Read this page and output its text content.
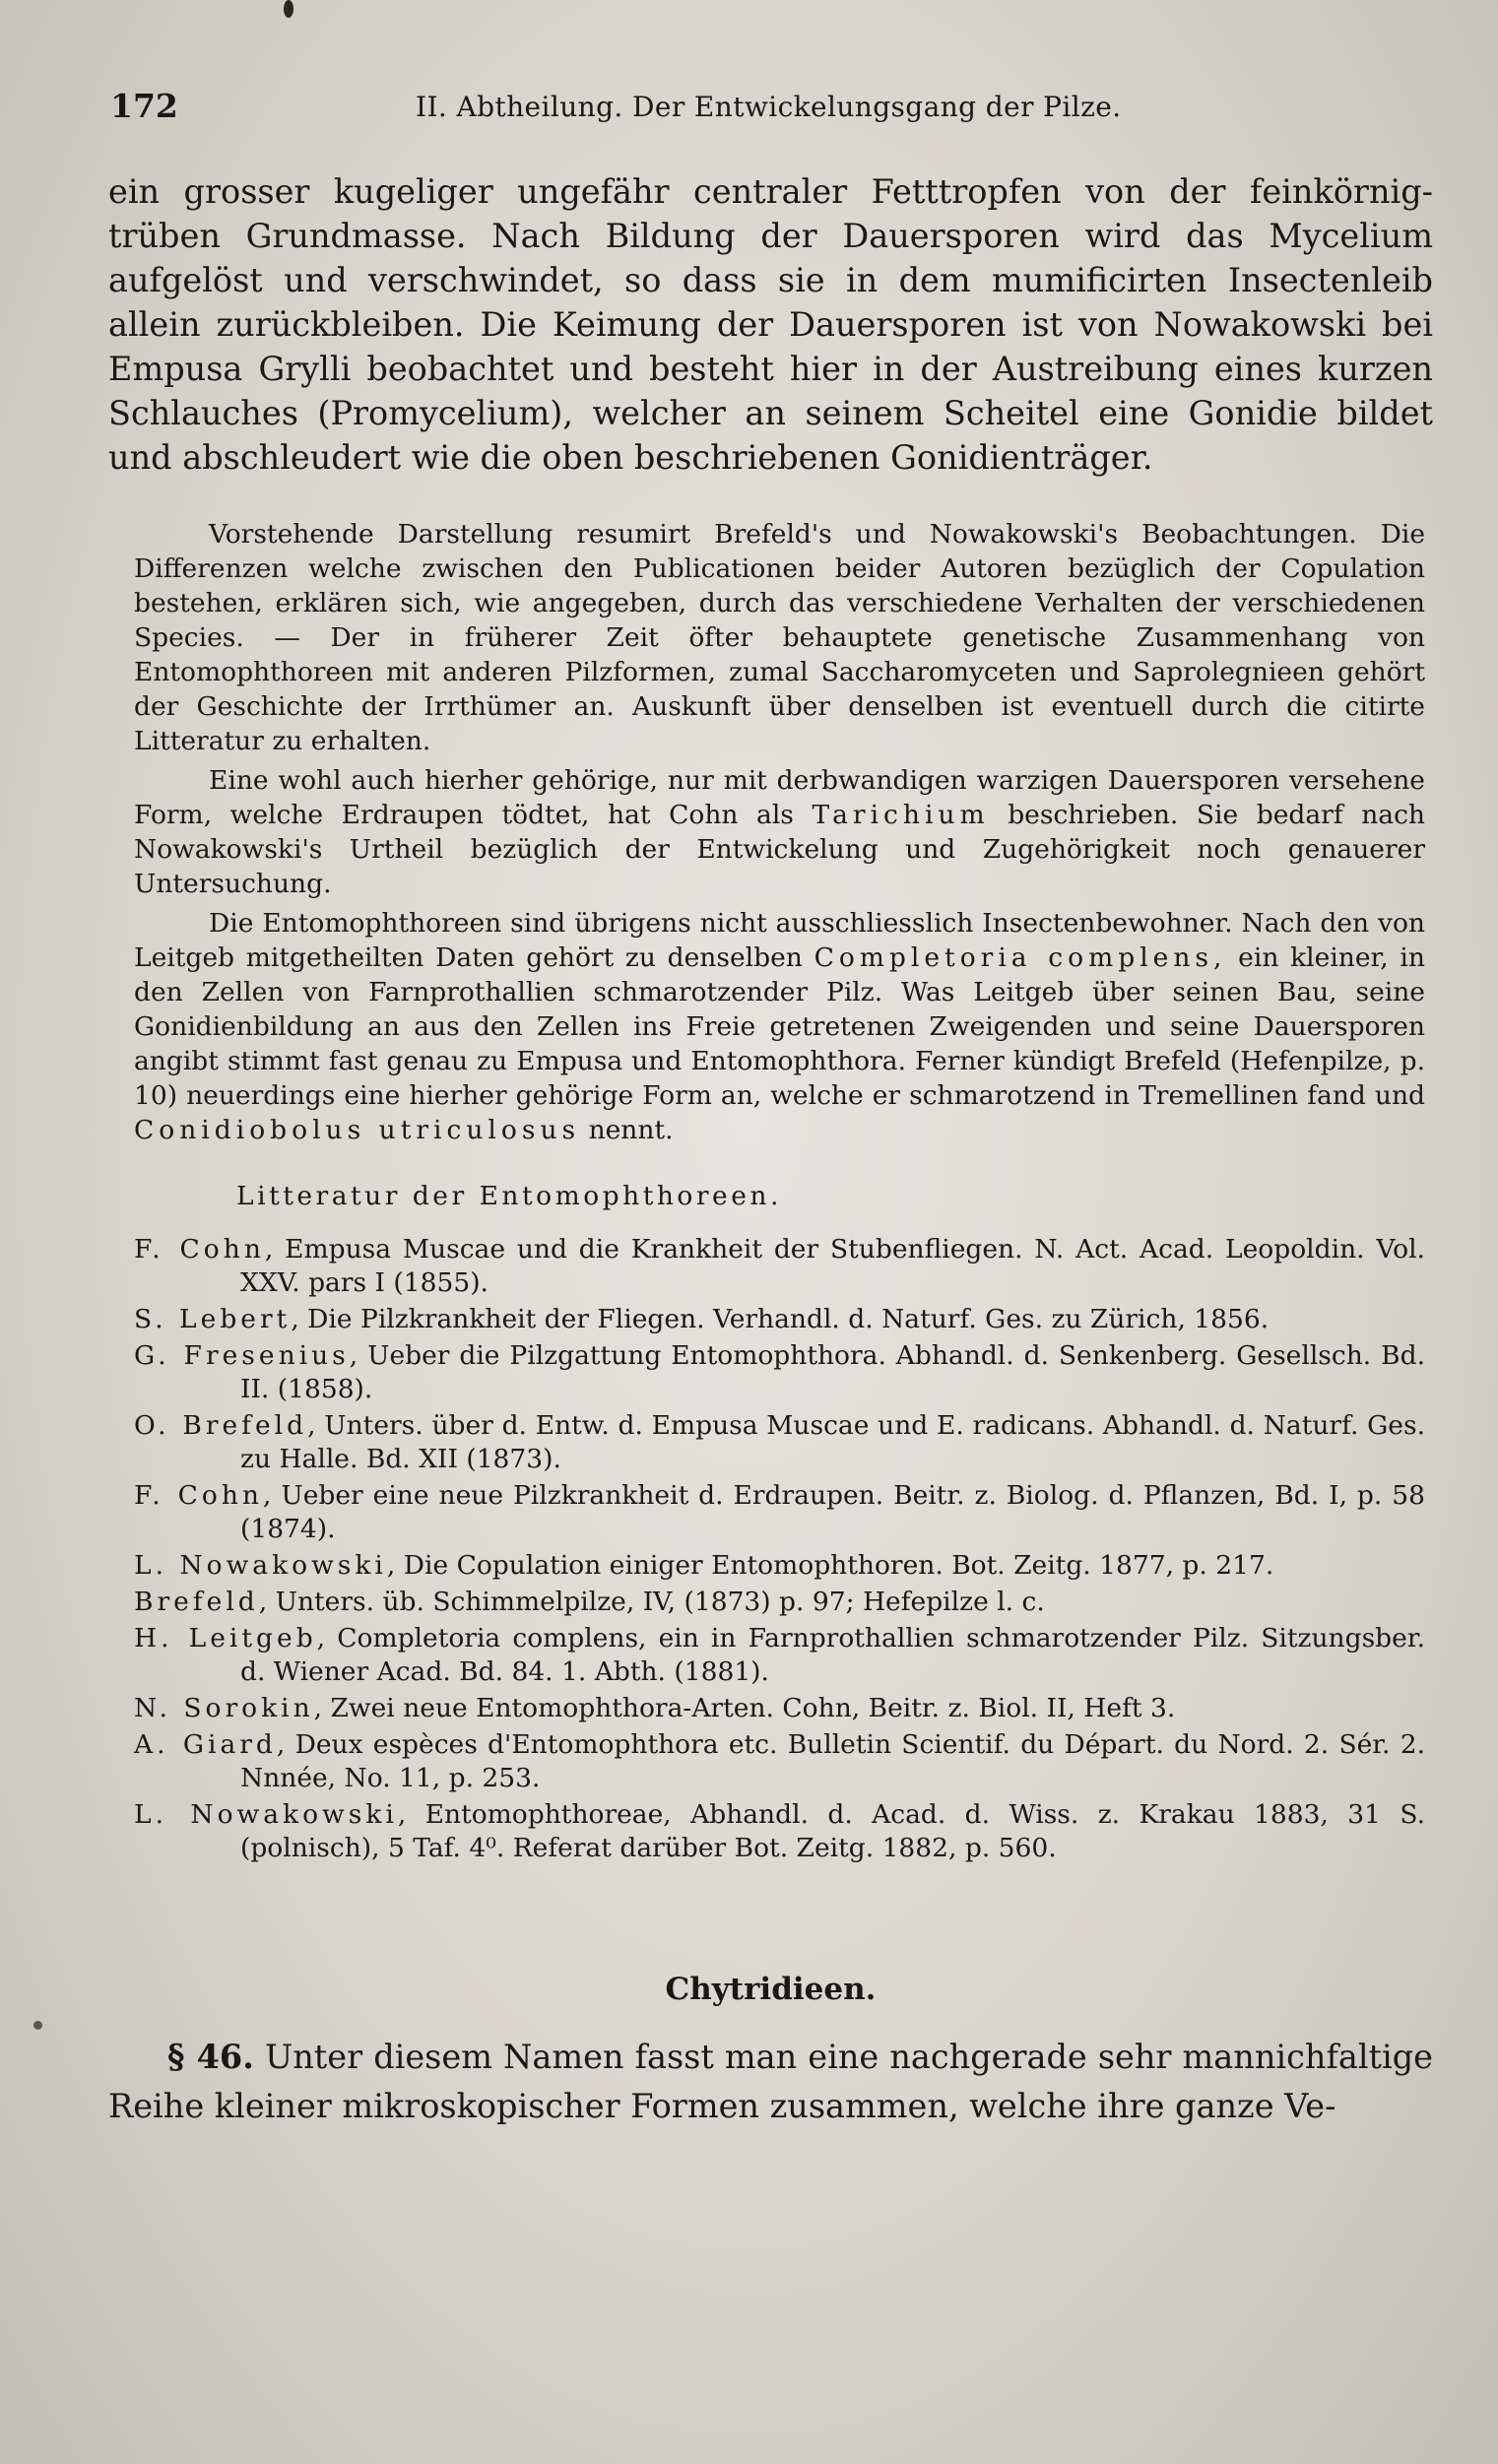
172	II. Abtheilung. Der Entwickelungsgang der Pilze.

ein grosser kugeliger ungefähr centraler Fetttropfen von der feinkörnig-trüben Grundmasse. Nach Bildung der Dauersporen wird das Mycelium aufgelöst und verschwindet, so dass sie in dem mumificirten Insectenleib allein zurückbleiben. Die Keimung der Dauersporen ist von Nowakowski bei Empusa Grylli beobachtet und besteht hier in der Austreibung eines kurzen Schlauches (Promycelium), welcher an seinem Scheitel eine Gonidie bildet und abschleudert wie die oben beschriebenen Gonidienträger.

Vorstehende Darstellung resumirt Brefeld's und Nowakowski's Beobachtungen. Die Differenzen welche zwischen den Publicationen beider Autoren bezüglich der Copulation bestehen, erklären sich, wie angegeben, durch das verschiedene Verhalten der verschiedenen Species. — Der in früherer Zeit öfter behauptete genetische Zusammenhang von Entomophthoreen mit anderen Pilzformen, zumal Saccharomyceten und Saprolegnieen gehört der Geschichte der Irrthümer an. Auskunft über denselben ist eventuell durch die citirte Litteratur zu erhalten.

Eine wohl auch hierher gehörige, nur mit derbwandigen warzigen Dauersporen versehene Form, welche Erdraupen tödtet, hat Cohn als Tarichium beschrieben. Sie bedarf nach Nowakowski's Urtheil bezüglich der Entwickelung und Zugehörigkeit noch genauerer Untersuchung.

Die Entomophthoreen sind übrigens nicht ausschliesslich Insectenbewohner. Nach den von Leitgeb mitgetheilten Daten gehört zu denselben Completoria complens, ein kleiner, in den Zellen von Farnprothallien schmarotzender Pilz. Was Leitgeb über seinen Bau, seine Gonidienbildung an aus den Zellen ins Freie getretenen Zweigenden und seine Dauersporen angibt stimmt fast genau zu Empusa und Entomophthora. Ferner kündigt Brefeld (Hefenpilze, p. 10) neuerdings eine hierher gehörige Form an, welche er schmarotzend in Tremellinen fand und Conidiobolus utriculosus nennt.

Litteratur der Entomophthoreen.
F. Cohn, Empusa Muscae und die Krankheit der Stubenfliegen. N. Act. Acad. Leopoldin. Vol. XXV. pars I (1855).
S. Lebert, Die Pilzkrankheit der Fliegen. Verhandl. d. Naturf. Ges. zu Zürich, 1856.
G. Fresenius, Ueber die Pilzgattung Entomophthora. Abhandl. d. Senkenberg. Gesellsch. Bd. II. (1858).
O. Brefeld, Unters. über d. Entw. d. Empusa Muscae und E. radicans. Abhandl. d. Naturf. Ges. zu Halle. Bd. XII (1873).
F. Cohn, Ueber eine neue Pilzkrankheit d. Erdraupen. Beitr. z. Biolog. d. Pflanzen, Bd. I, p. 58 (1874).
L. Nowakowski, Die Copulation einiger Entomophthoren. Bot. Zeitg. 1877, p. 217.
Brefeld, Unters. üb. Schimmelpilze, IV, (1873) p. 97; Hefepilze l. c.
H. Leitgeb, Completoria complens, ein in Farnprothallien schmarotzender Pilz. Sitzungsber. d. Wiener Acad. Bd. 84. 1. Abth. (1881).
N. Sorokin, Zwei neue Entomophthora-Arten. Cohn, Beitr. z. Biol. II, Heft 3.
A. Giard, Deux espèces d'Entomophthora etc. Bulletin Scientif. du Départ. du Nord. 2. Sér. 2. Nnnée, No. 11, p. 253.
L. Nowakowski, Entomophthoreae, Abhandl. d. Acad. d. Wiss. z. Krakau 1883, 31 S. (polnisch), 5 Taf. 4⁰. Referat darüber Bot. Zeitg. 1882, p. 560.
Chytridieen.

§ 46. Unter diesem Namen fasst man eine nachgerade sehr mannichfaltige Reihe kleiner mikroskopischer Formen zusammen, welche ihre ganze Ve-
